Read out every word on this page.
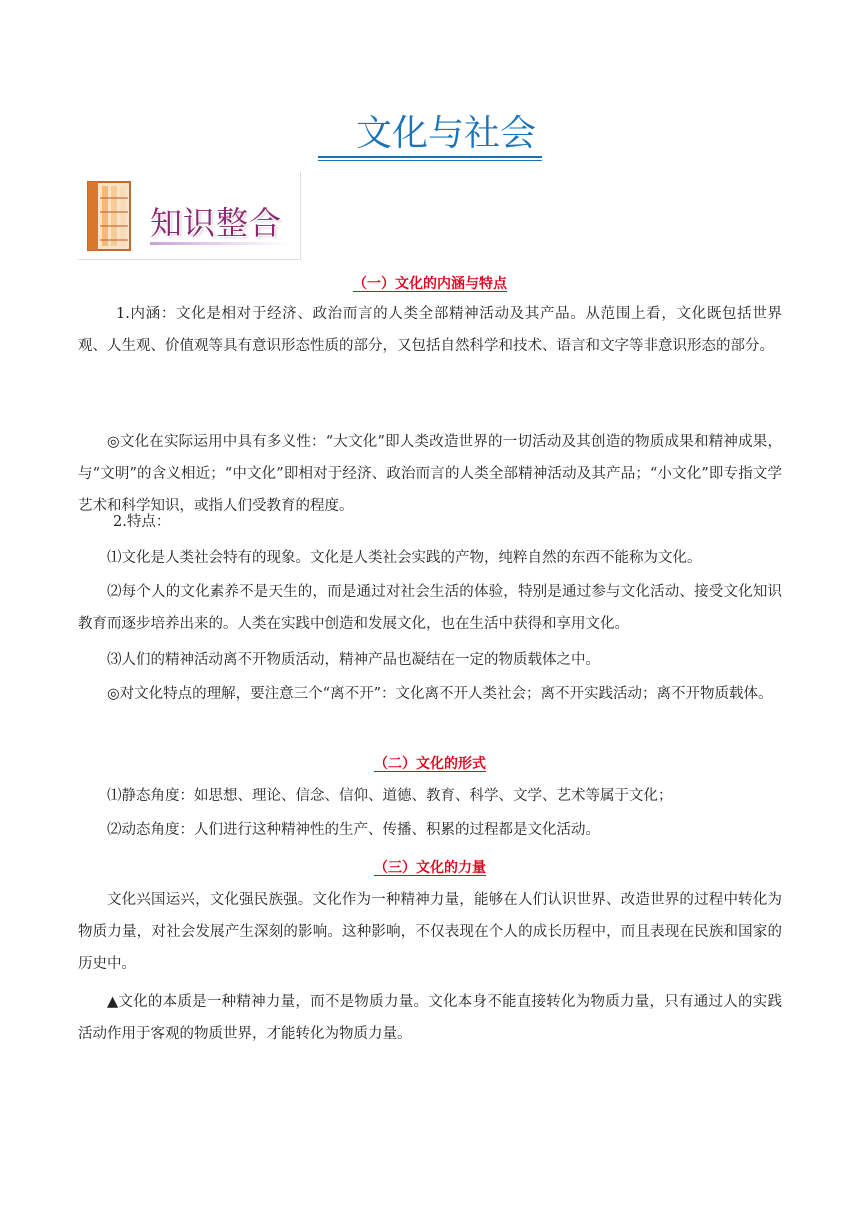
文化与社会
知识整合
（一）文化的内涵与特点
1.内涵：文化是相对于经济、政治而言的人类全部精神活动及其产品。从范围上看，文化既包括世界观、人生观、价值观等具有意识形态性质的部分，又包括自然科学和技术、语言和文字等非意识形态的部分。
◎文化在实际运用中具有多义性：“大文化”即人类改造世界的一切活动及其创造的物质成果和精神成果，与“文明”的含义相近；“中文化”即相对于经济、政治而言的人类全部精神活动及其产品；“小文化”即专指文学艺术和科学知识，或指人们受教育的程度。
2.特点：
⑴文化是人类社会特有的现象。文化是人类社会实践的产物，纯粹自然的东西不能称为文化。
⑵每个人的文化素养不是天生的，而是通过对社会生活的体验，特别是通过参与文化活动、接受文化知识教育而逐步培养出来的。人类在实践中创造和发展文化，也在生活中获得和享用文化。
⑶人们的精神活动离不开物质活动，精神产品也凝结在一定的物质载体之中。
◎对文化特点的理解，要注意三个“离不开”：文化离不开人类社会；离不开实践活动；离不开物质载体。
（二）文化的形式
⑴静态角度：如思想、理论、信念、信仰、道德、教育、科学、文学、艺术等属于文化；
⑵动态角度：人们进行这种精神性的生产、传播、积累的过程都是文化活动。
（三）文化的力量
文化兴国运兴，文化强民族强。文化作为一种精神力量，能够在人们认识世界、改造世界的过程中转化为物质力量，对社会发展产生深刻的影响。这种影响，不仅表现在个人的成长历程中，而且表现在民族和国家的历史中。
▲文化的本质是一种精神力量，而不是物质力量。文化本身不能直接转化为物质力量，只有通过人的实践活动作用于客观的物质世界，才能转化为物质力量。
